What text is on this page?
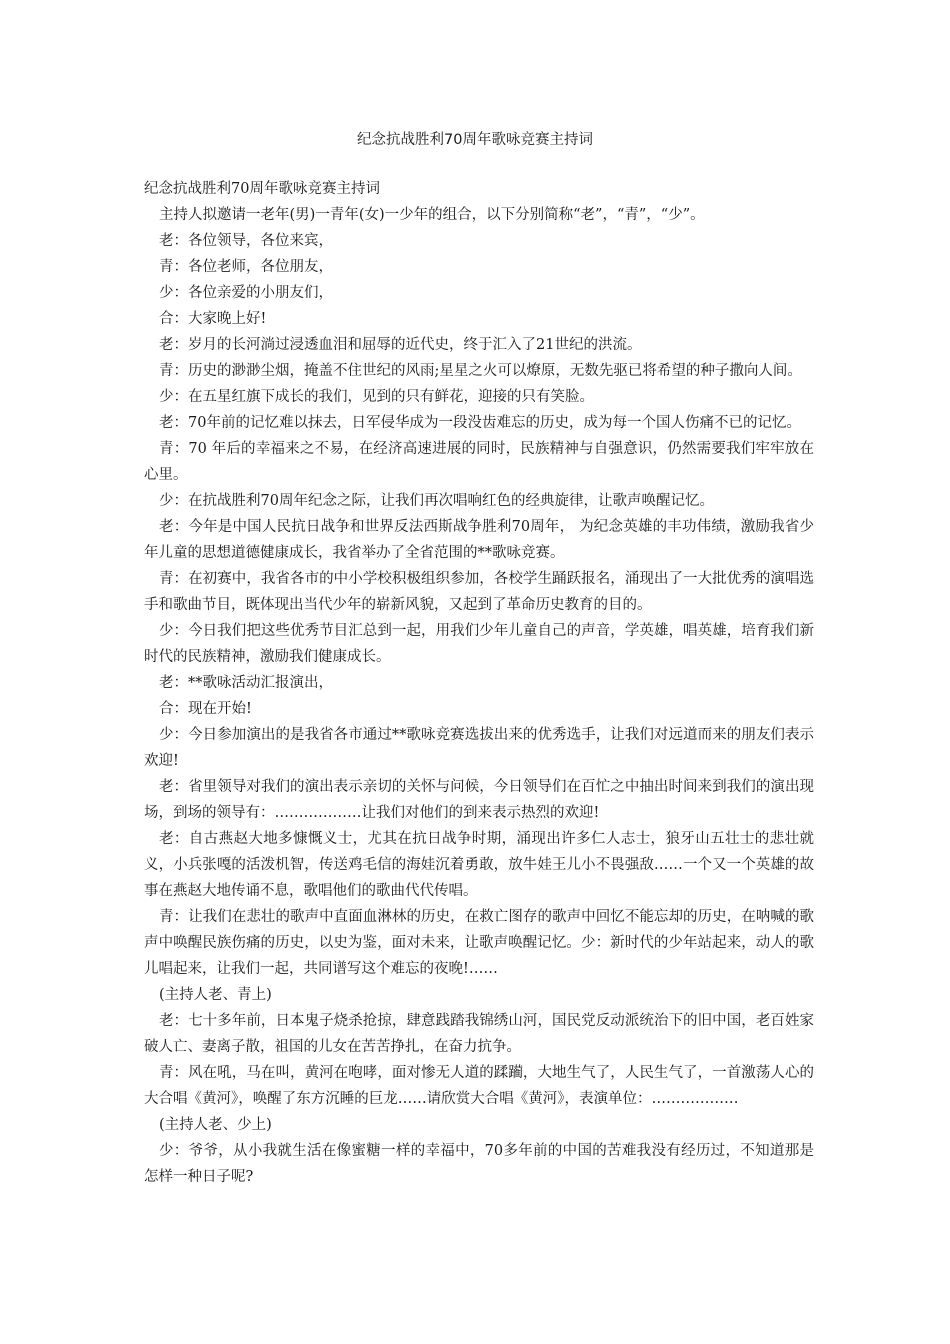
纪念抗战胜利70周年歌咏竞赛主持词

纪念抗战胜利70周年歌咏竞赛主持词

主持人拟邀请一老年(男)一青年(女)一少年的组合，以下分别简称“老”，“青”，“少”。

老：各位领导，各位来宾，

青：各位老师，各位朋友，

少：各位亲爱的小朋友们，

合：大家晚上好!

老：岁月的长河淌过浸透血泪和屈辱的近代史，终于汇入了21世纪的洪流。

青：历史的渺渺尘烟，掩盖不住世纪的风雨;星星之火可以燎原，无数先驱已将希望的种子撒向人间。

少：在五星红旗下成长的我们，见到的只有鲜花，迎接的只有笑脸。

老：70年前的记忆难以抹去，日军侵华成为一段没齿难忘的历史，成为每一个国人伤痛不已的记忆。

青：70 年后的幸福来之不易，在经济高速进展的同时，民族精神与自强意识，仍然需要我们牢牢放在心里。

少：在抗战胜利70周年纪念之际，让我们再次唱响红色的经典旋律，让歌声唤醒记忆。

老：今年是中国人民抗日战争和世界反法西斯战争胜利70周年， 为纪念英雄的丰功伟绩，激励我省少年儿童的思想道德健康成长，我省举办了全省范围的**歌咏竞赛。

青：在初赛中，我省各市的中小学校积极组织参加，各校学生踊跃报名，涌现出了一大批优秀的演唱选手和歌曲节目，既体现出当代少年的崭新风貌，又起到了革命历史教育的目的。

少：今日我们把这些优秀节目汇总到一起，用我们少年儿童自己的声音，学英雄，唱英雄，培育我们新时代的民族精神，激励我们健康成长。

老：**歌咏活动汇报演出，

合：现在开始!

少：今日参加演出的是我省各市通过**歌咏竞赛选拔出来的优秀选手，让我们对远道而来的朋友们表示欢迎!

老：省里领导对我们的演出表示亲切的关怀与问候，今日领导们在百忙之中抽出时间来到我们的演出现场，到场的领导有：………………让我们对他们的到来表示热烈的欢迎!

老：自古燕赵大地多慷慨义士，尤其在抗日战争时期，涌现出许多仁人志士，狼牙山五壮士的悲壮就义，小兵张嘎的活泼机智，传送鸡毛信的海娃沉着勇敢，放牛娃王儿小不畏强敌……一个又一个英雄的故事在燕赵大地传诵不息，歌唱他们的歌曲代代传唱。

青：让我们在悲壮的歌声中直面血淋林的历史，在救亡图存的歌声中回忆不能忘却的历史，在呐喊的歌声中唤醒民族伤痛的历史，以史为鉴，面对未来，让歌声唤醒记忆。少：新时代的少年站起来，动人的歌儿唱起来，让我们一起，共同谱写这个难忘的夜晚!……

(主持人老、青上)

老：七十多年前，日本鬼子烧杀抢掠，肆意践踏我锦绣山河，国民党反动派统治下的旧中国，老百姓家破人亡、妻离子散，祖国的儿女在苦苦挣扎，在奋力抗争。

青：风在吼，马在叫，黄河在咆哮，面对惨无人道的蹂躏，大地生气了，人民生气了，一首激荡人心的大合唱《黄河》，唤醒了东方沉睡的巨龙……请欣赏大合唱《黄河》，表演单位：………………

(主持人老、少上)

少：爷爷，从小我就生活在像蜜糖一样的幸福中，70多年前的中国的苦难我没有经历过，不知道那是怎样一种日子呢?
